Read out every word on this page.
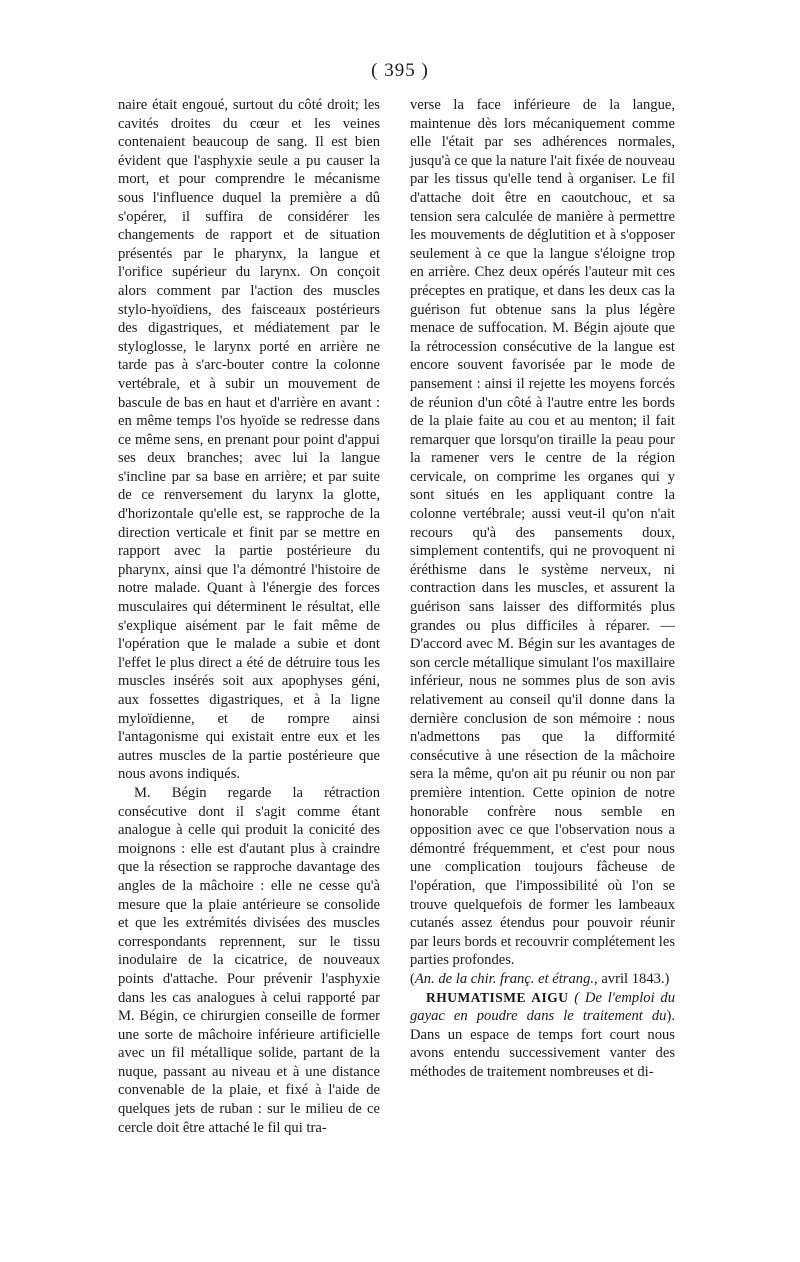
( 395 )

naire était engoué, surtout du côté droit; les cavités droites du cœur et les veines contenaient beaucoup de sang. Il est bien évident que l'asphyxie seule a pu causer la mort, et pour comprendre le mécanisme sous l'influence duquel la première a dû s'opérer, il suffira de considérer les changements de rapport et de situation présentés par le pharynx, la langue et l'orifice supérieur du larynx. On conçoit alors comment par l'action des muscles stylo-hyoïdiens, des faisceaux postérieurs des digastriques, et médiatement par le styloglosse, le larynx porté en arrière ne tarde pas à s'arc-bouter contre la colonne vertébrale, et à subir un mouvement de bascule de bas en haut et d'arrière en avant : en même temps l'os hyoïde se redresse dans ce même sens, en prenant pour point d'appui ses deux branches; avec lui la langue s'incline par sa base en arrière; et par suite de ce renversement du larynx la glotte, d'horizontale qu'elle est, se rapproche de la direction verticale et finit par se mettre en rapport avec la partie postérieure du pharynx, ainsi que l'a démontré l'histoire de notre malade. Quant à l'énergie des forces musculaires qui déterminent le résultat, elle s'explique aisément par le fait même de l'opération que le malade a subie et dont l'effet le plus direct a été de détruire tous les muscles insérés soit aux apophyses géni, aux fossettes digastriques, et à la ligne myloïdienne, et de rompre ainsi l'antagonisme qui existait entre eux et les autres muscles de la partie postérieure que nous avons indiqués.

M. Bégin regarde la rétraction consécutive dont il s'agit comme étant analogue à celle qui produit la conicité des moignons : elle est d'autant plus à craindre que la résection se rapproche davantage des angles de la mâchoire : elle ne cesse qu'à mesure que la plaie antérieure se consolide et que les extrémités divisées des muscles correspondants reprennent, sur le tissu inodulaire de la cicatrice, de nouveaux points d'attache. Pour prévenir l'asphyxie dans les cas analogues à celui rapporté par M. Bégin, ce chirurgien conseille de former une sorte de mâchoire inférieure artificielle avec un fil métallique solide, partant de la nuque, passant au niveau et à une distance convenable de la plaie, et fixé à l'aide de quelques jets de ruban : sur le milieu de ce cercle doit être attaché le fil qui tra-

verse la face inférieure de la langue, maintenue dès lors mécaniquement comme elle l'était par ses adhérences normales, jusqu'à ce que la nature l'ait fixée de nouveau par les tissus qu'elle tend à organiser. Le fil d'attache doit être en caoutchouc, et sa tension sera calculée de manière à permettre les mouvements de déglutition et à s'opposer seulement à ce que la langue s'éloigne trop en arrière. Chez deux opérés l'auteur mit ces préceptes en pratique, et dans les deux cas la guérison fut obtenue sans la plus légère menace de suffocation. M. Bégin ajoute que la rétrocession consécutive de la langue est encore souvent favorisée par le mode de pansement : ainsi il rejette les moyens forcés de réunion d'un côté à l'autre entre les bords de la plaie faite au cou et au menton; il fait remarquer que lorsqu'on tiraille la peau pour la ramener vers le centre de la région cervicale, on comprime les organes qui y sont situés en les appliquant contre la colonne vertébrale; aussi veut-il qu'on n'ait recours qu'à des pansements doux, simplement contentifs, qui ne provoquent ni éréthisme dans le système nerveux, ni contraction dans les muscles, et assurent la guérison sans laisser des difformités plus grandes ou plus difficiles à réparer. — D'accord avec M. Bégin sur les avantages de son cercle métallique simulant l'os maxillaire inférieur, nous ne sommes plus de son avis relativement au conseil qu'il donne dans la dernière conclusion de son mémoire : nous n'admettons pas que la difformité consécutive à une résection de la mâchoire sera la même, qu'on ait pu réunir ou non par première intention. Cette opinion de notre honorable confrère nous semble en opposition avec ce que l'observation nous a démontré fréquemment, et c'est pour nous une complication toujours fâcheuse de l'opération, que l'impossibilité où l'on se trouve quelquefois de former les lambeaux cutanés assez étendus pour pouvoir réunir par leurs bords et recouvrir complétement les parties profondes.

(An. de la chir. franç. et étrang., avril 1843.)

RHUMATISME AIGU ( De l'emploi du gayac en poudre dans le traitement du). Dans un espace de temps fort court nous avons entendu successivement vanter des méthodes de traitement nombreuses et di-
